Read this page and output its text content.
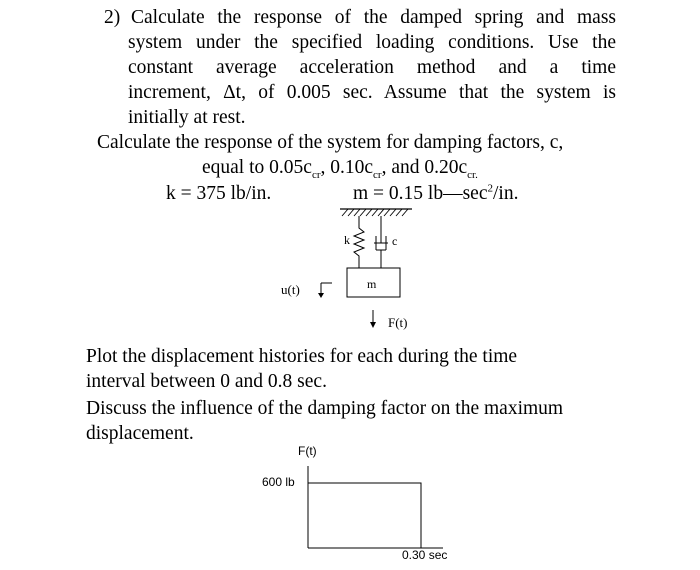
2) Calculate the response of the damped spring and mass
system under the specified loading conditions. Use the
constant average acceleration method and a time
increment, Δt, of 0.005 sec. Assume that the system is
initially at rest.
Calculate the response of the system for damping factors, c,
equal to $0.05c_{cr}$, $0.10c_{cr}$, and $0.20c_{cr.}$
k = 375 lb/in.	m = 0.15 $lb—\sec^2/in$.
k	c
m
u(t)
F(t)
Plot the displacement histories for each during the time
interval between 0 and 0.8 sec.
Discuss the influence of the damping factor on the maximum
displacement.
F(t)
600 lb
0.30 sec
